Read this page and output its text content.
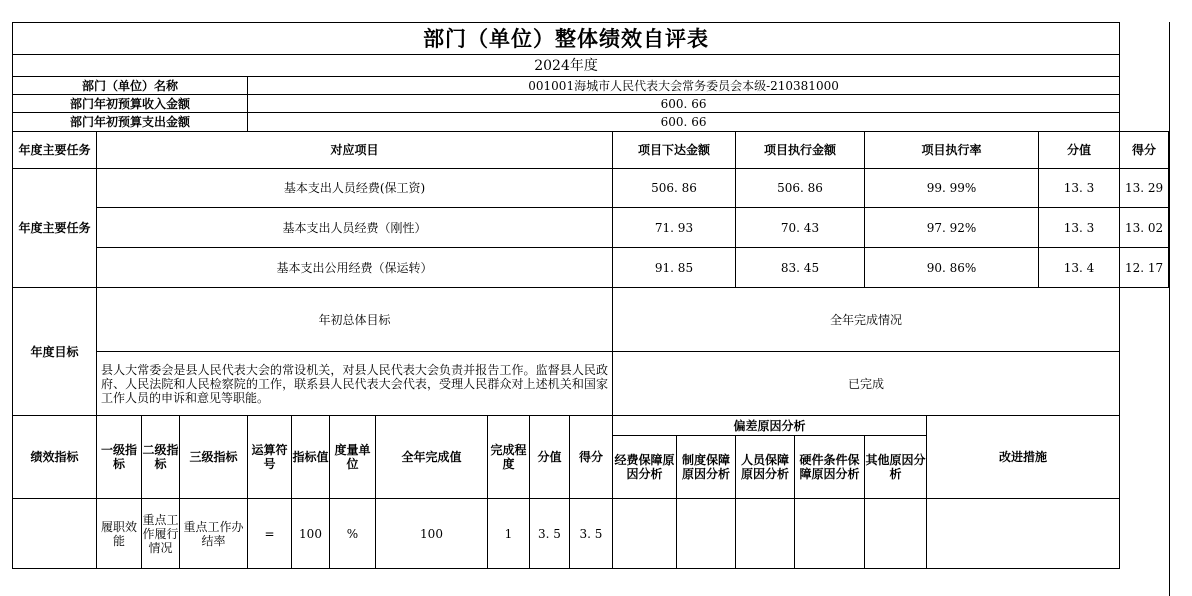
部门（单位）整体绩效自评表																		
2024年度																		
部门（单位）名称				001001海城市人民代表大会常务委员会本级-210381000														
部门年初预算收入金额				600. 66														
部门年初预算支出金额				600. 66														
年度主要任务	对应项目										项目下达金额		项目执行金额		项目执行率		分值	得分
年度主要任务	基本支出人员经费(保工资)										506. 86		506. 86		99. 99%		13. 3	13. 29
	基本支出人员经费（刚性）										71. 93		70. 43		97. 92%		13. 3	13. 02
	基本支出公用经费（保运转）										91. 85		83. 45		90. 86%		13. 4	12. 17
年度目标	年初总体目标										全年完成情况							
	县人大常委会是县人民代表大会的常设机关，对县人民代表大会负责并报告工作。监督县人民政府、人民法院和人民检察院的工作，联系县人民代表大会代表，受理人民群众对上述机关和国家工作人员的申诉和意见等职能。										已完成							
绩效指标	一级指标	二级指标	三级指标	运算符号	指标值	度量单位	全年完成值	完成程度	分值	得分	偏差原因分析					改进措施		
											经费保障原因分析	制度保障原因分析	人员保障原因分析	硬件条件保障原因分析	其他原因分析			
	履职效能	重点工作履行情况	重点工作办结率	=	100	%	100	1	3. 5	3. 5								
